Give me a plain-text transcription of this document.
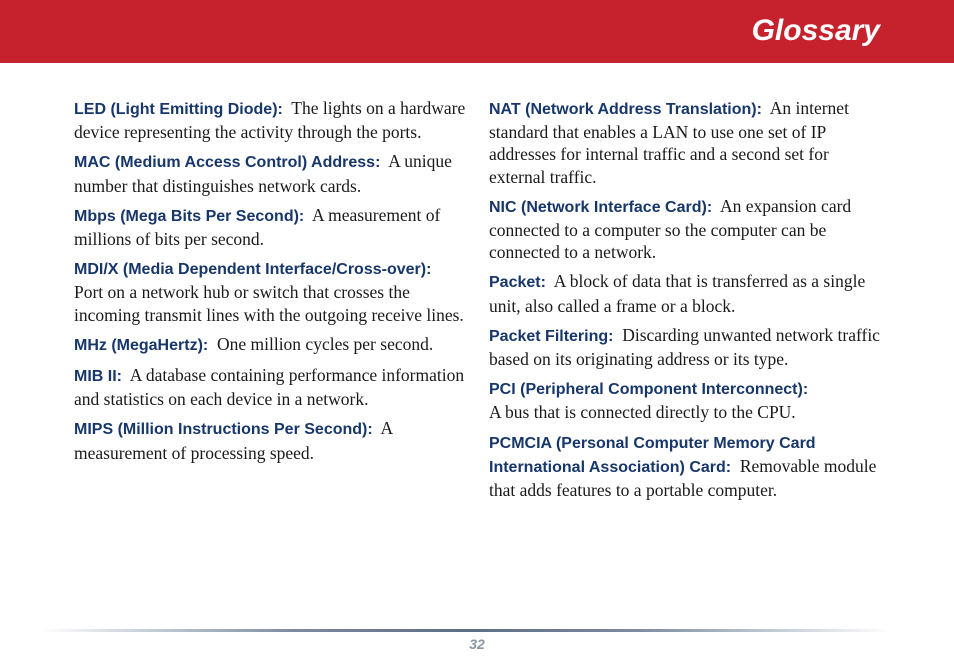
Glossary

LED (Light Emitting Diode): The lights on a hardware device representing the activity through the ports.

MAC (Medium Access Control) Address: A unique number that distinguishes network cards.

Mbps (Mega Bits Per Second): A measurement of millions of bits per second.

MDI/X (Media Dependent Interface/Cross-over):  Port on a network hub or switch that crosses the incoming transmit lines with the outgoing receive lines.

MHz (MegaHertz): One million cycles per second.

MIB II: A database containing performance information and statistics on each device in a network.

MIPS (Million Instructions Per Second): A measurement of processing speed.

NAT (Network Address Translation): An internet standard that enables a LAN to use one set of IP addresses for internal traffic and a second set for external traffic.

NIC (Network Interface Card): An expansion card connected to a computer so the computer can be connected to a network.

Packet: A block of data that is transferred as a single unit, also called a frame or a block.

Packet Filtering: Discarding unwanted network traffic based on its originating address or its type.

PCI (Peripheral Component Interconnect):
A bus that is connected directly to the CPU.

PCMCIA (Personal Computer Memory Card International Association) Card: Removable module that adds features to a portable computer.

32
